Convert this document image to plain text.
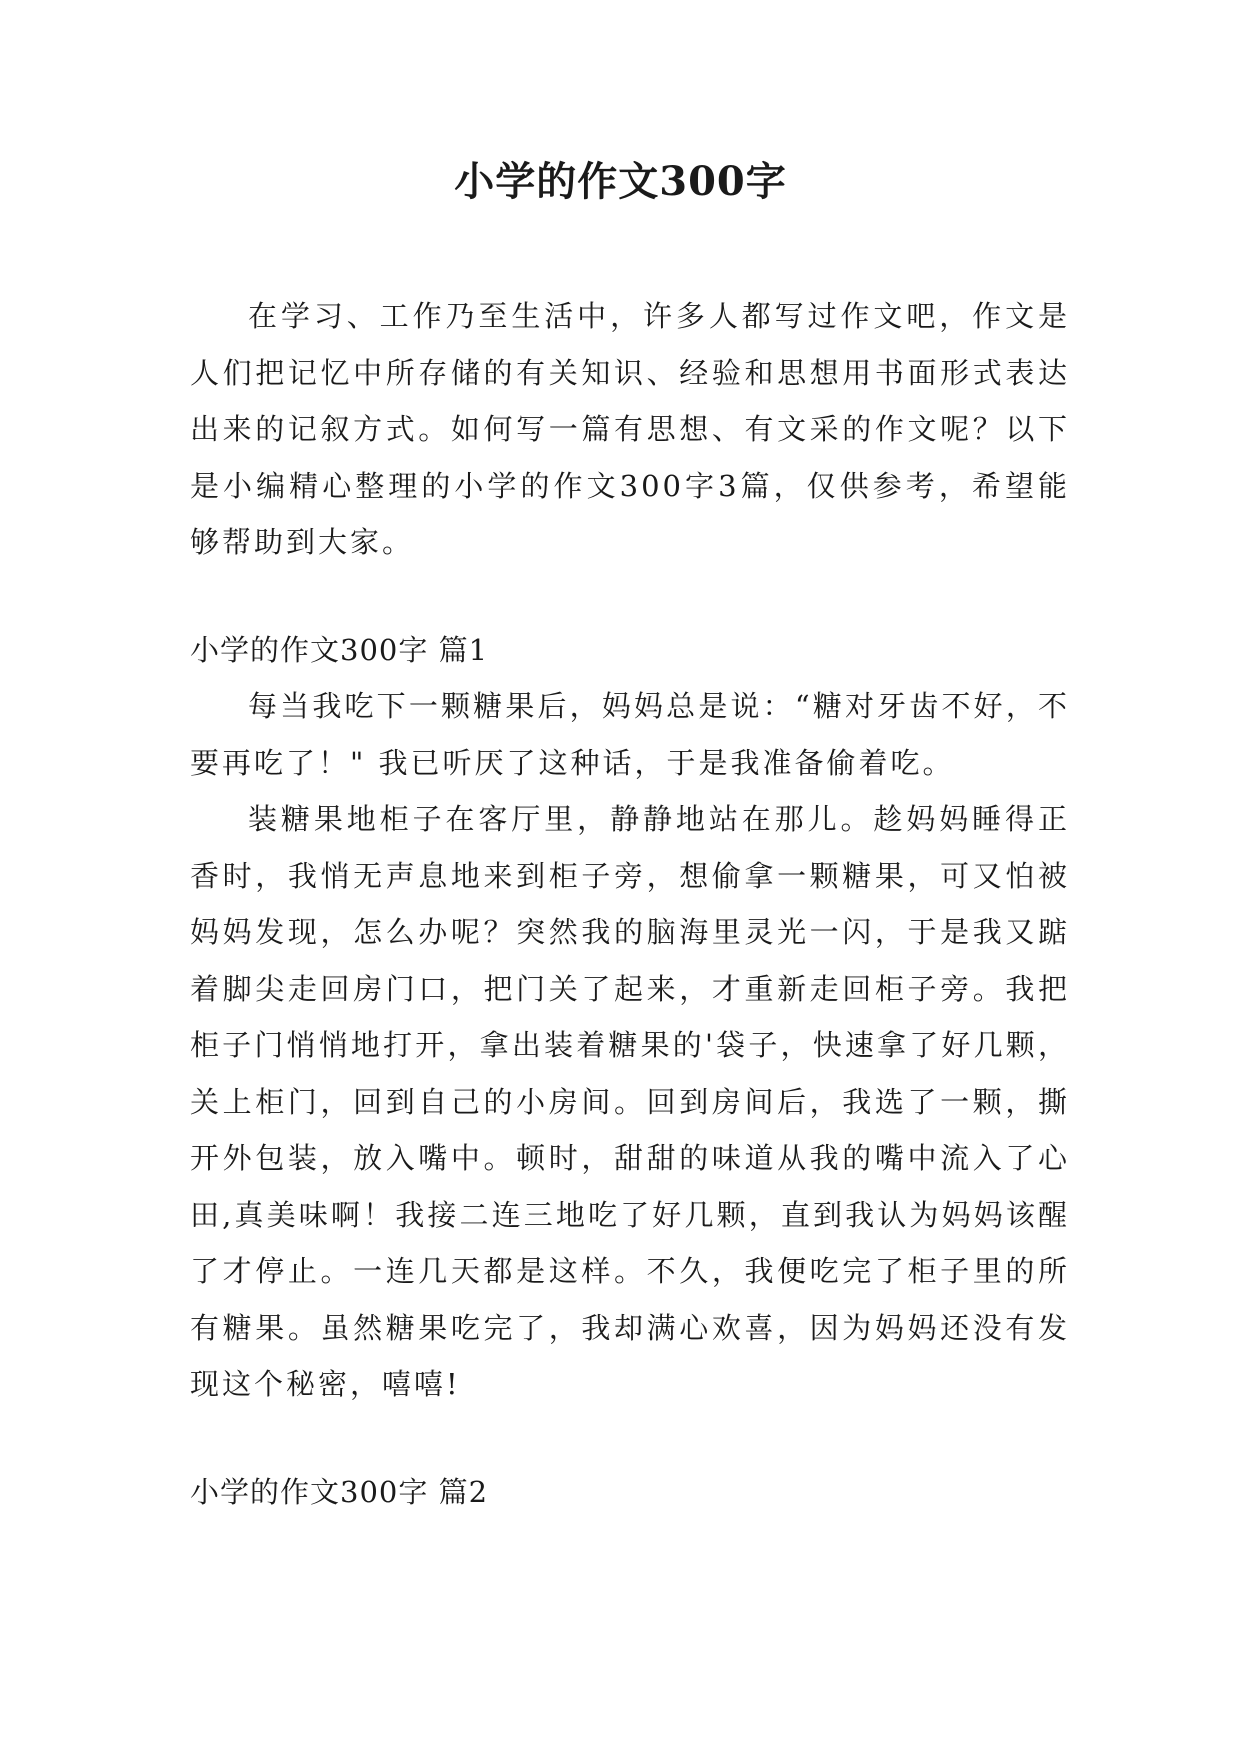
小学的作文300字

在学习、工作乃至生活中，许多人都写过作文吧，作文是人们把记忆中所存储的有关知识、经验和思想用书面形式表达出来的记叙方式。如何写一篇有思想、有文采的作文呢？以下是小编精心整理的小学的作文300字3篇，仅供参考，希望能够帮助到大家。

小学的作文300字 篇1

每当我吃下一颗糖果后，妈妈总是说：“糖对牙齿不好，不要再吃了！" 我已听厌了这种话，于是我准备偷着吃。

装糖果地柜子在客厅里，静静地站在那儿。趁妈妈睡得正香时，我悄无声息地来到柜子旁，想偷拿一颗糖果，可又怕被妈妈发现，怎么办呢？突然我的脑海里灵光一闪，于是我又踮着脚尖走回房门口，把门关了起来，才重新走回柜子旁。我把柜子门悄悄地打开，拿出装着糖果的'袋子，快速拿了好几颗，关上柜门，回到自己的小房间。回到房间后，我选了一颗，撕开外包装，放入嘴中。顿时，甜甜的味道从我的嘴中流入了心田,真美味啊！我接二连三地吃了好几颗，直到我认为妈妈该醒了才停止。一连几天都是这样。不久，我便吃完了柜子里的所有糖果。虽然糖果吃完了，我却满心欢喜，因为妈妈还没有发现这个秘密，嘻嘻!

小学的作文300字 篇2
